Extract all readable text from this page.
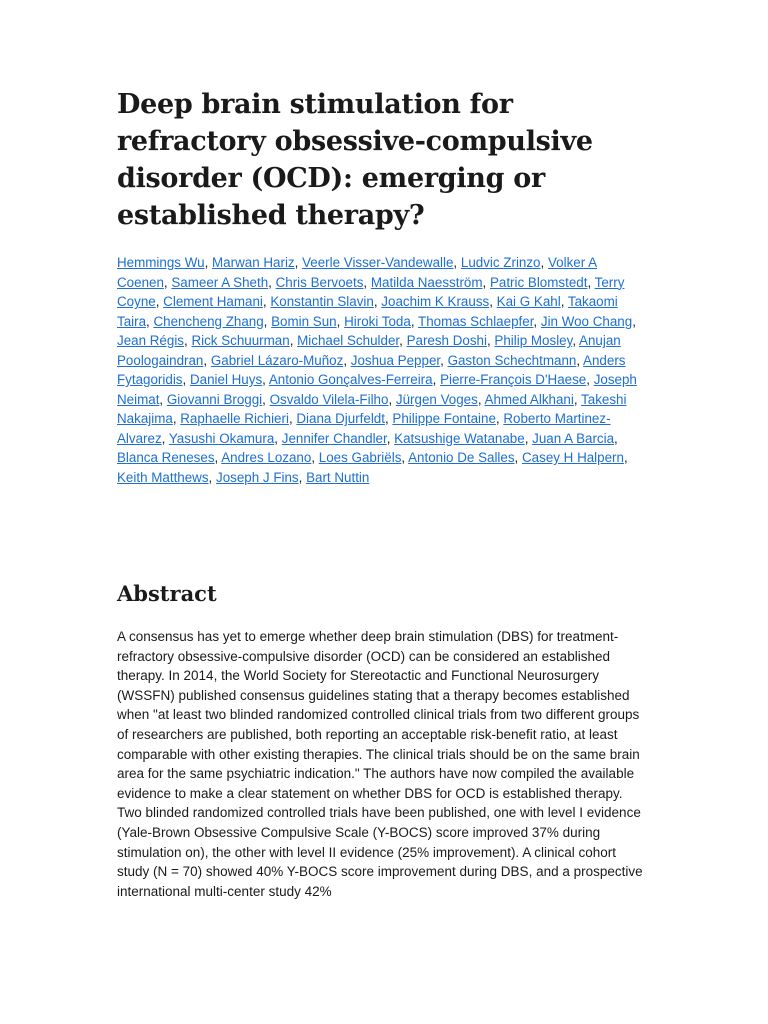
Deep brain stimulation for refractory obsessive-compulsive disorder (OCD): emerging or established therapy?
Hemmings Wu, Marwan Hariz, Veerle Visser-Vandewalle, Ludvic Zrinzo, Volker A Coenen, Sameer A Sheth, Chris Bervoets, Matilda Naesström, Patric Blomstedt, Terry Coyne, Clement Hamani, Konstantin Slavin, Joachim K Krauss, Kai G Kahl, Takaomi Taira, Chencheng Zhang, Bomin Sun, Hiroki Toda, Thomas Schlaepfer, Jin Woo Chang, Jean Régis, Rick Schuurman, Michael Schulder, Paresh Doshi, Philip Mosley, Anujan Poologaindran, Gabriel Lázaro-Muñoz, Joshua Pepper, Gaston Schechtmann, Anders Fytagoridis, Daniel Huys, Antonio Gonçalves-Ferreira, Pierre-François D'Haese, Joseph Neimat, Giovanni Broggi, Osvaldo Vilela-Filho, Jürgen Voges, Ahmed Alkhani, Takeshi Nakajima, Raphaelle Richieri, Diana Djurfeldt, Philippe Fontaine, Roberto Martinez-Alvarez, Yasushi Okamura, Jennifer Chandler, Katsushige Watanabe, Juan A Barcia, Blanca Reneses, Andres Lozano, Loes Gabriëls, Antonio De Salles, Casey H Halpern, Keith Matthews, Joseph J Fins, Bart Nuttin
Abstract

A consensus has yet to emerge whether deep brain stimulation (DBS) for treatment-refractory obsessive-compulsive disorder (OCD) can be considered an established therapy. In 2014, the World Society for Stereotactic and Functional Neurosurgery (WSSFN) published consensus guidelines stating that a therapy becomes established when "at least two blinded randomized controlled clinical trials from two different groups of researchers are published, both reporting an acceptable risk-benefit ratio, at least comparable with other existing therapies. The clinical trials should be on the same brain area for the same psychiatric indication." The authors have now compiled the available evidence to make a clear statement on whether DBS for OCD is established therapy. Two blinded randomized controlled trials have been published, one with level I evidence (Yale-Brown Obsessive Compulsive Scale (Y-BOCS) score improved 37% during stimulation on), the other with level II evidence (25% improvement). A clinical cohort study (N = 70) showed 40% Y-BOCS score improvement during DBS, and a prospective international multi-center study 42%
